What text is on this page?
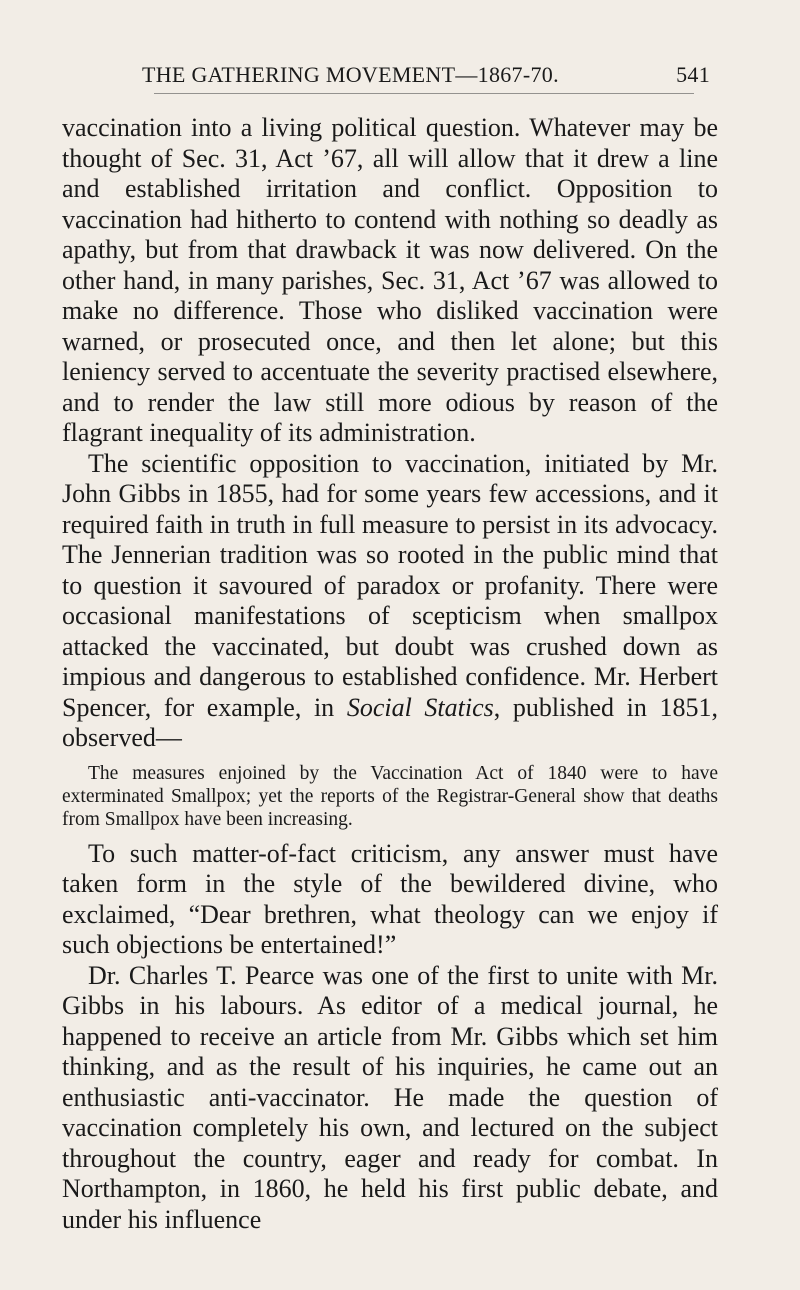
THE GATHERING MOVEMENT—1867-70.	541

vaccination into a living political question. Whatever may be thought of Sec. 31, Act ’67, all will allow that it drew a line and established irritation and conflict. Opposition to vaccination had hitherto to contend with nothing so deadly as apathy, but from that drawback it was now delivered. On the other hand, in many parishes, Sec. 31, Act ’67 was allowed to make no difference. Those who disliked vaccination were warned, or prosecuted once, and then let alone; but this leniency served to accentuate the severity practised elsewhere, and to render the law still more odious by reason of the flagrant inequality of its administration.

The scientific opposition to vaccination, initiated by Mr. John Gibbs in 1855, had for some years few accessions, and it required faith in truth in full measure to persist in its advocacy. The Jennerian tradition was so rooted in the public mind that to question it savoured of paradox or profanity. There were occasional manifestations of scepticism when smallpox attacked the vaccinated, but doubt was crushed down as impious and dangerous to established confidence. Mr. Herbert Spencer, for example, in Social Statics, published in 1851, observed—

The measures enjoined by the Vaccination Act of 1840 were to have exterminated Smallpox; yet the reports of the Registrar-General show that deaths from Smallpox have been increasing.

To such matter-of-fact criticism, any answer must have taken form in the style of the bewildered divine, who exclaimed, “Dear brethren, what theology can we enjoy if such objections be entertained!”

Dr. Charles T. Pearce was one of the first to unite with Mr. Gibbs in his labours. As editor of a medical journal, he happened to receive an article from Mr. Gibbs which set him thinking, and as the result of his inquiries, he came out an enthusiastic anti-vaccinator. He made the question of vaccination completely his own, and lectured on the subject throughout the country, eager and ready for combat. In Northampton, in 1860, he held his first public debate, and under his influence
